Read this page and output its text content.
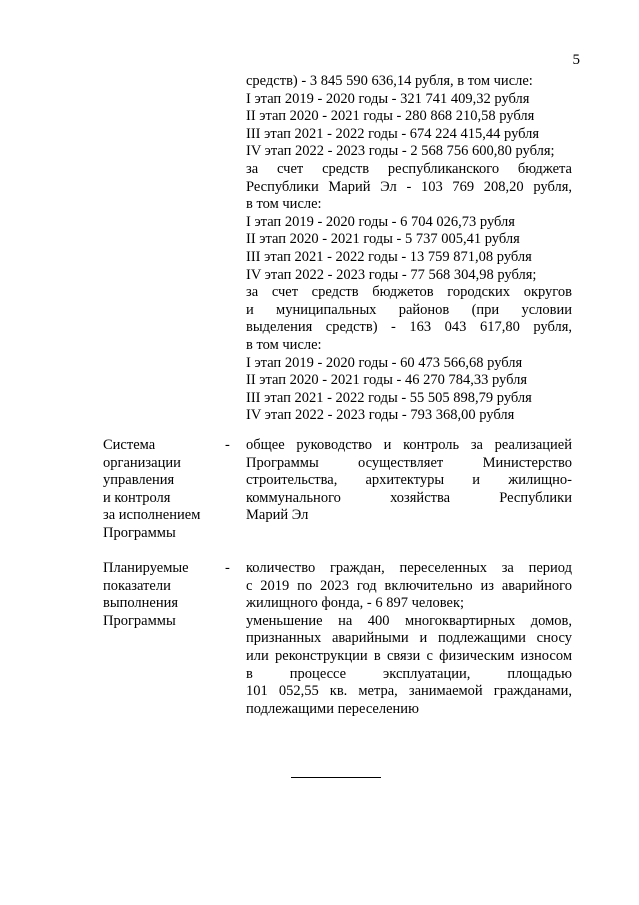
5
средств) - 3 845 590 636,14 рубля, в том числе:
I этап 2019 - 2020 годы - 321 741 409,32 рубля
II этап 2020 - 2021 годы - 280 868 210,58 рубля
III этап 2021 - 2022 годы - 674 224 415,44 рубля
IV этап 2022 - 2023 годы - 2 568 756 600,80 рубля;
за счет средств республиканского бюджета
Республики Марий Эл - 103 769 208,20 рубля,
в том числе:
I этап 2019 - 2020 годы - 6 704 026,73 рубля
II этап 2020 - 2021 годы - 5 737 005,41 рубля
III этап 2021 - 2022 годы - 13 759 871,08 рубля
IV этап 2022 - 2023 годы - 77 568 304,98 рубля;
за счет средств бюджетов городских округов
и муниципальных районов (при условии
выделения средств) - 163 043 617,80 рубля,
в том числе:
I этап 2019 - 2020 годы - 60 473 566,68 рубля
II этап 2020 - 2021 годы - 46 270 784,33 рубля
III этап 2021 - 2022 годы - 55 505 898,79 рубля
IV этап 2022 - 2023 годы - 793 368,00 рубля
Система
организации
управления
и контроля
за исполнением
Программы
- общее руководство и контроль за реализацией
Программы осуществляет Министерство
строительства, архитектуры и жилищно-
коммунального хозяйства Республики
Марий Эл
Планируемые
показатели
выполнения
Программы
- количество граждан, переселенных за период
с 2019 по 2023 год включительно из аварийного
жилищного фонда, - 6 897 человек;
уменьшение на 400 многоквартирных домов,
признанных аварийными и подлежащими сносу
или реконструкции в связи с физическим износом
в процессе эксплуатации, площадью
101 052,55 кв. метра, занимаемой гражданами,
подлежащими переселению
